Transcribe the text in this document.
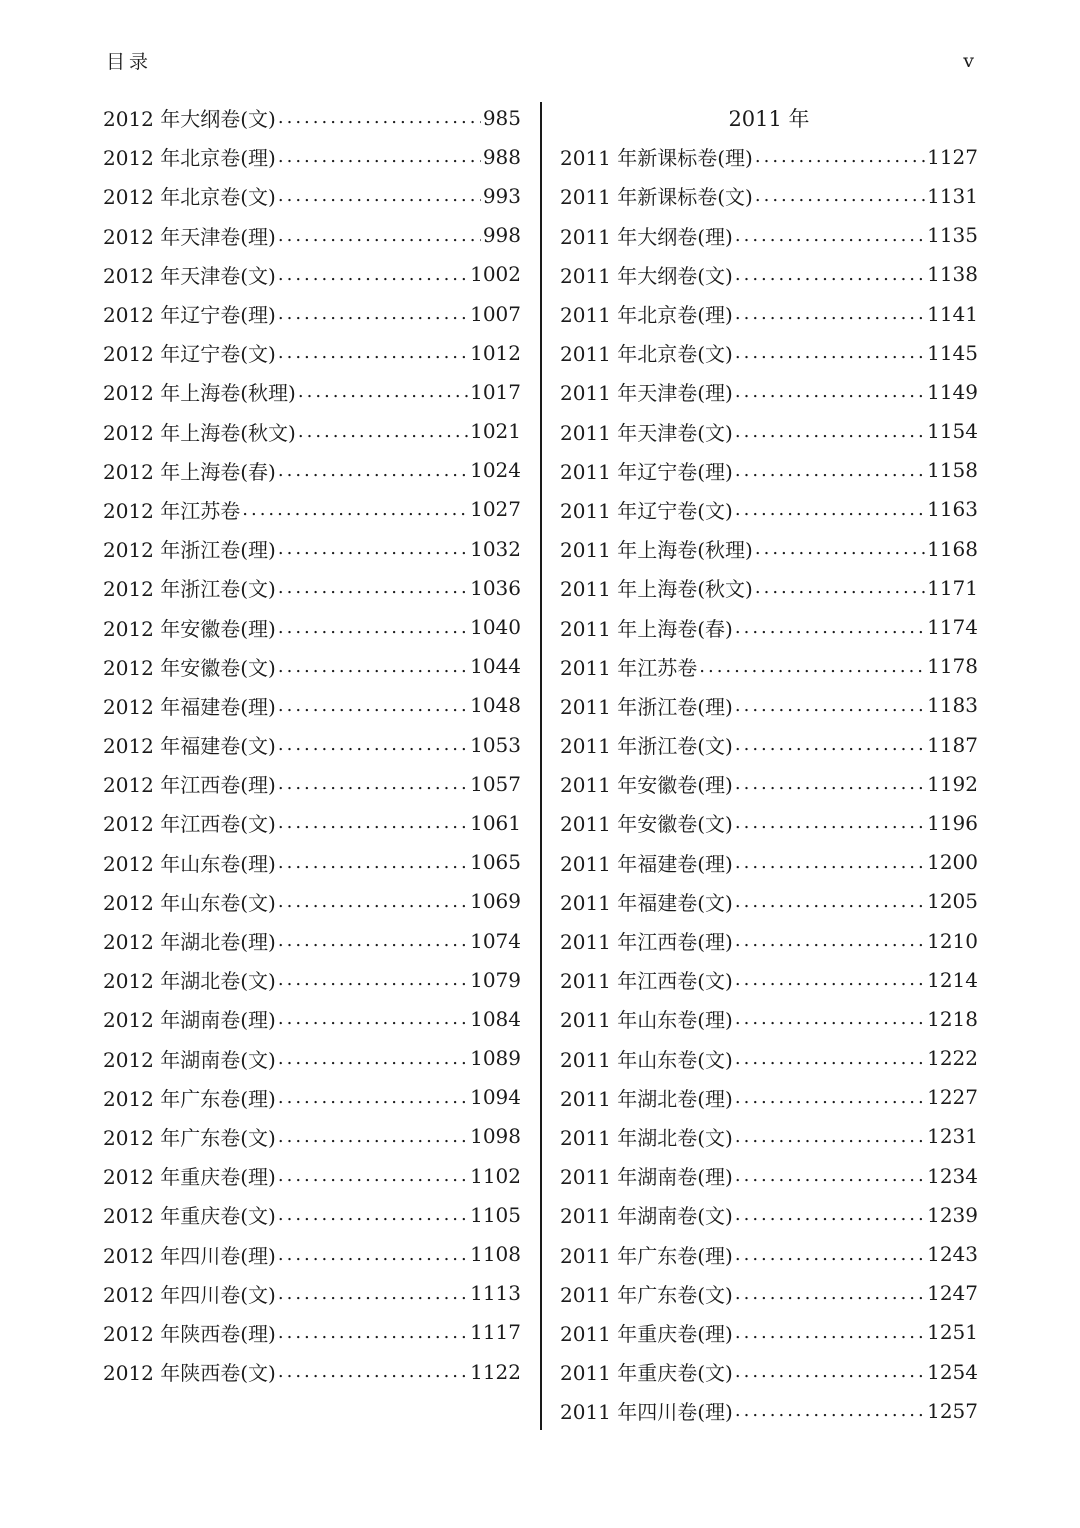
目录	v
2012 年大纲卷(文) .....	985
2012 年北京卷(理) .....	988
2012 年北京卷(文) .....	993
2012 年天津卷(理) .....	998
2012 年天津卷(文) .....	1002
2012 年辽宁卷(理) .....	1007
2012 年辽宁卷(文) .....	1012
2012 年上海卷(秋理) .....	1017
2012 年上海卷(秋文) .....	1021
2012 年上海卷(春) .....	1024
2012 年江苏卷 .....	1027
2012 年浙江卷(理) .....	1032
2012 年浙江卷(文) .....	1036
2012 年安徽卷(理) .....	1040
2012 年安徽卷(文) .....	1044
2012 年福建卷(理) .....	1048
2012 年福建卷(文) .....	1053
2012 年江西卷(理) .....	1057
2012 年江西卷(文) .....	1061
2012 年山东卷(理) .....	1065
2012 年山东卷(文) .....	1069
2012 年湖北卷(理) .....	1074
2012 年湖北卷(文) .....	1079
2012 年湖南卷(理) .....	1084
2012 年湖南卷(文) .....	1089
2012 年广东卷(理) .....	1094
2012 年广东卷(文) .....	1098
2012 年重庆卷(理) .....	1102
2012 年重庆卷(文) .....	1105
2012 年四川卷(理) .....	1108
2012 年四川卷(文) .....	1113
2012 年陕西卷(理) .....	1117
2012 年陕西卷(文) .....	1122
2011 年
2011 年新课标卷(理) .....	1127
2011 年新课标卷(文) .....	1131
2011 年大纲卷(理) .....	1135
2011 年大纲卷(文) .....	1138
2011 年北京卷(理) .....	1141
2011 年北京卷(文) .....	1145
2011 年天津卷(理) .....	1149
2011 年天津卷(文) .....	1154
2011 年辽宁卷(理) .....	1158
2011 年辽宁卷(文) .....	1163
2011 年上海卷(秋理) .....	1168
2011 年上海卷(秋文) .....	1171
2011 年上海卷(春) .....	1174
2011 年江苏卷 .....	1178
2011 年浙江卷(理) .....	1183
2011 年浙江卷(文) .....	1187
2011 年安徽卷(理) .....	1192
2011 年安徽卷(文) .....	1196
2011 年福建卷(理) .....	1200
2011 年福建卷(文) .....	1205
2011 年江西卷(理) .....	1210
2011 年江西卷(文) .....	1214
2011 年山东卷(理) .....	1218
2011 年山东卷(文) .....	1222
2011 年湖北卷(理) .....	1227
2011 年湖北卷(文) .....	1231
2011 年湖南卷(理) .....	1234
2011 年湖南卷(文) .....	1239
2011 年广东卷(理) .....	1243
2011 年广东卷(文) .....	1247
2011 年重庆卷(理) .....	1251
2011 年重庆卷(文) .....	1254
2011 年四川卷(理) .....	1257
